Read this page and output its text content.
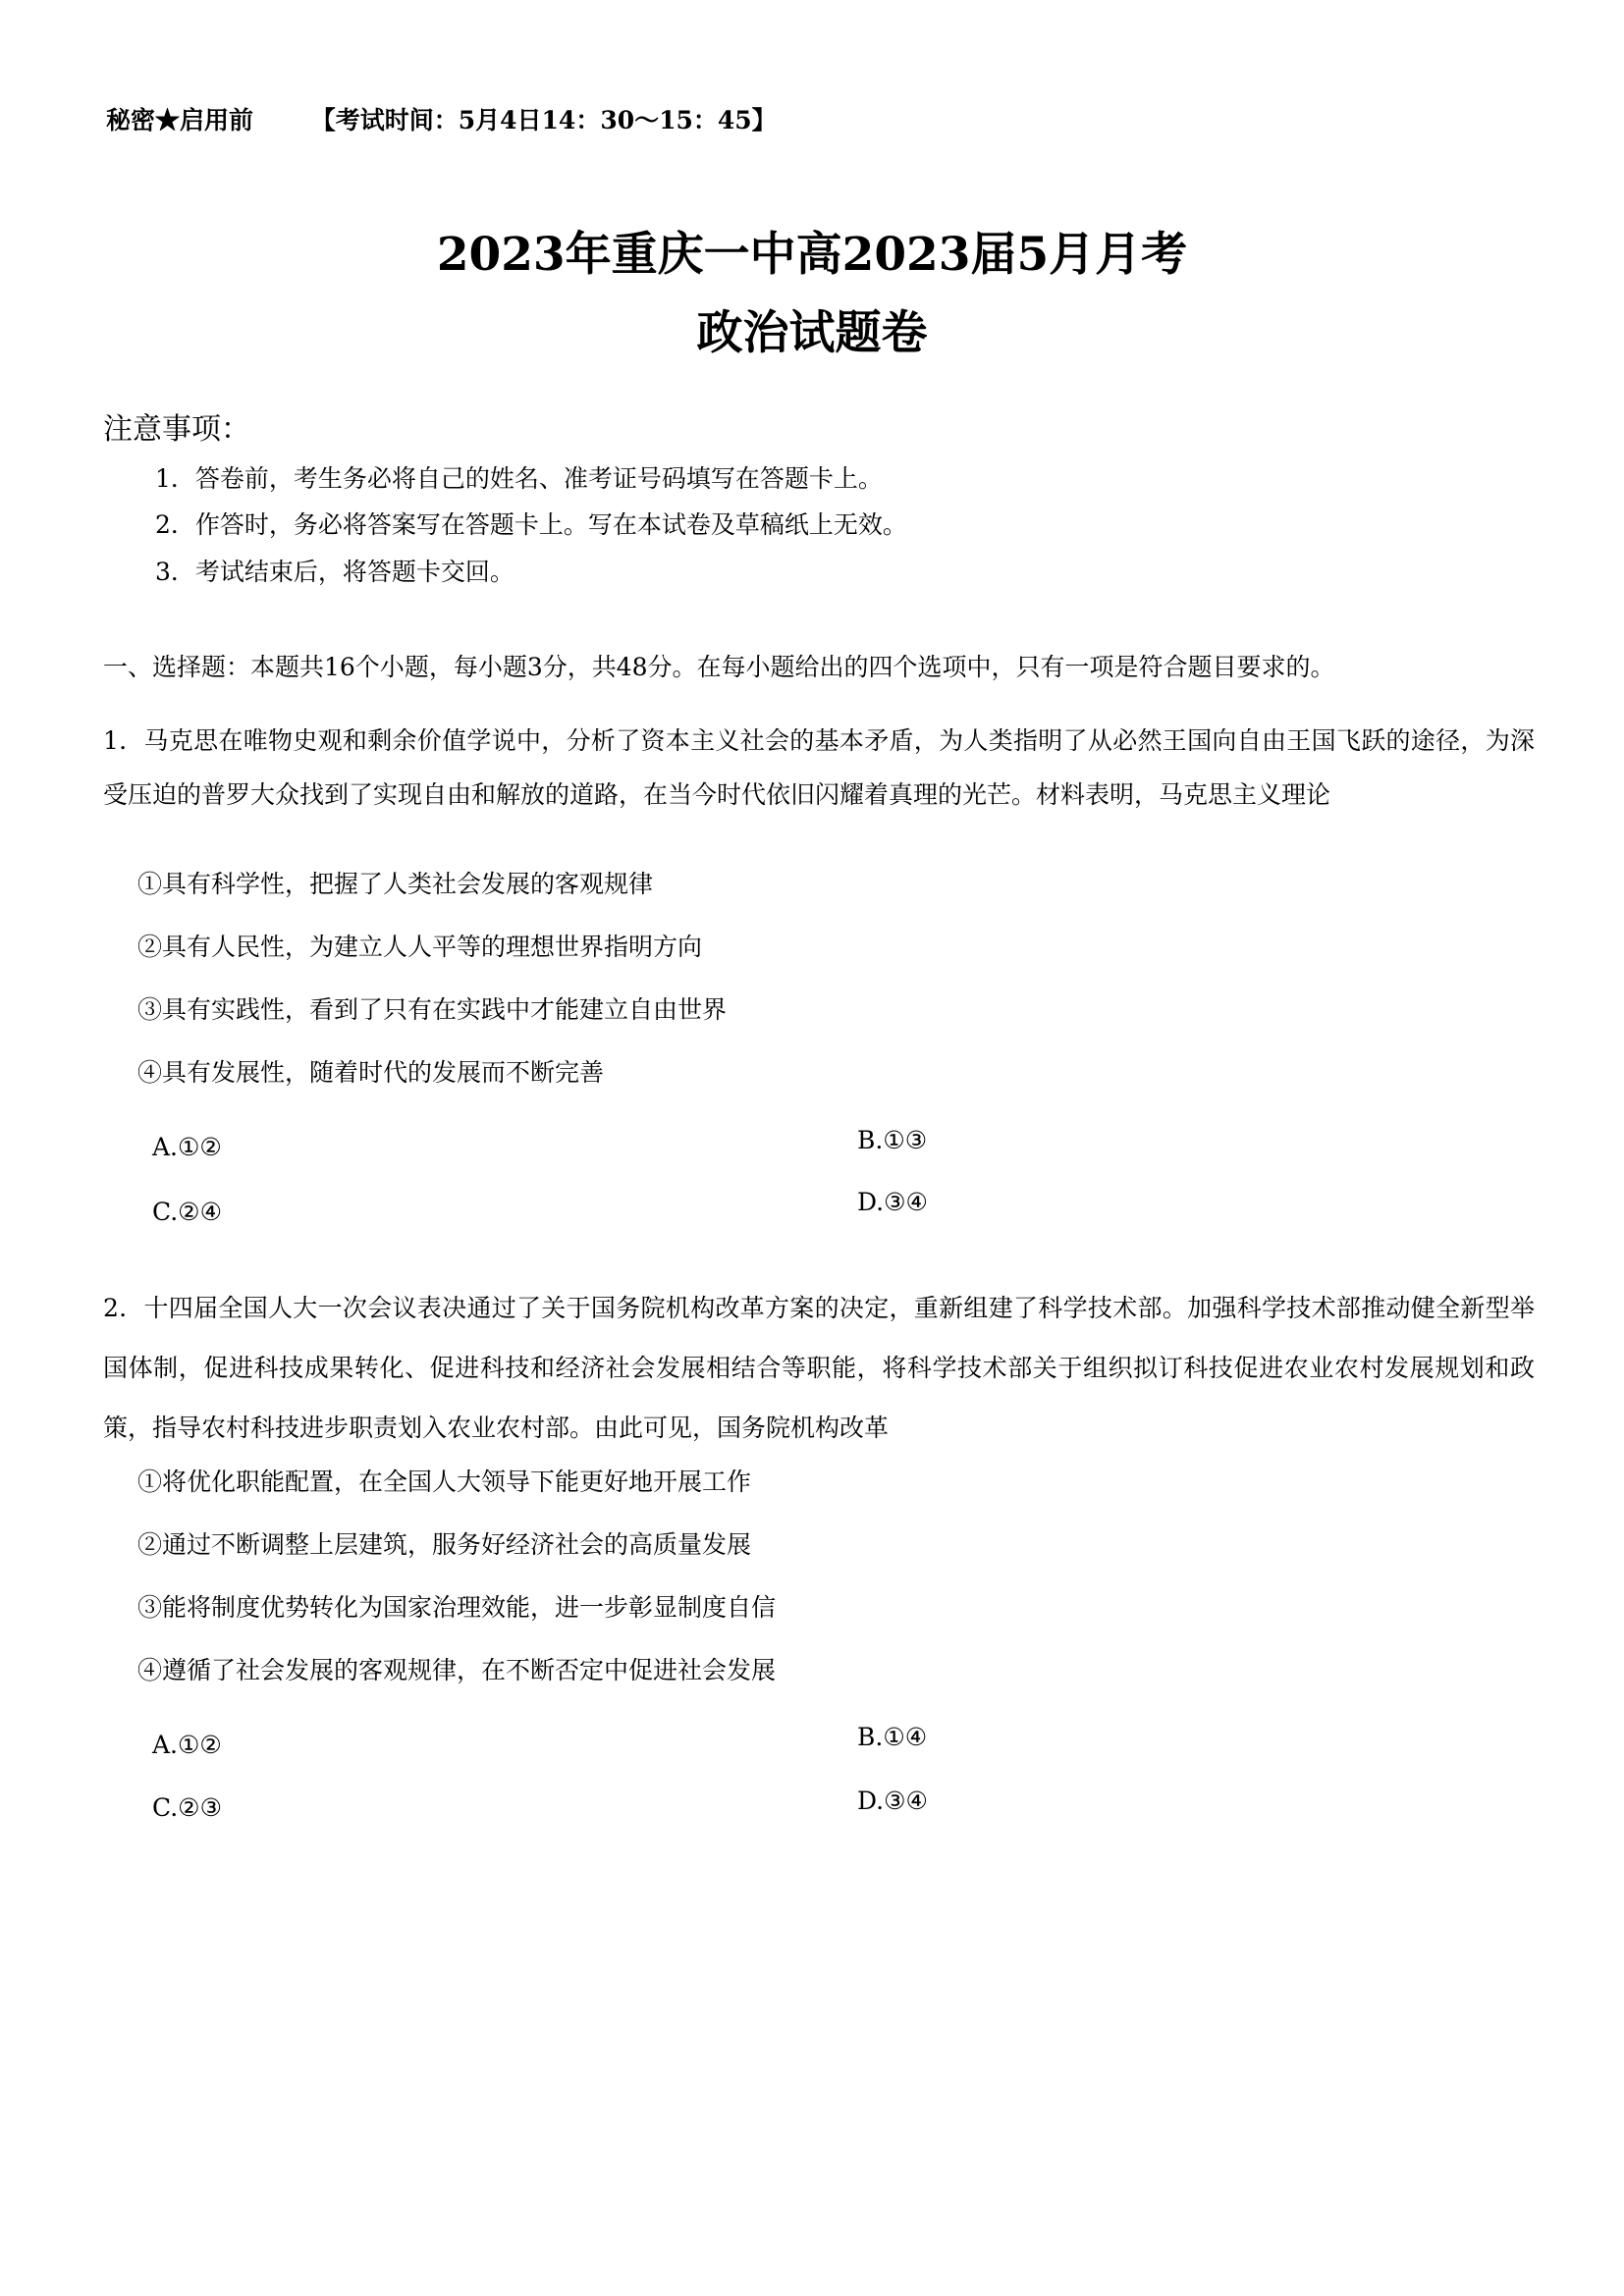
秘密★启用前 【考试时间：5月4日14：30～15：45】
2023年重庆一中高2023届5月月考
政治试题卷
注意事项：
1．答卷前，考生务必将自己的姓名、准考证号码填写在答题卡上。
2．作答时，务必将答案写在答题卡上。写在本试卷及草稿纸上无效。
3．考试结束后，将答题卡交回。
一、选择题：本题共16个小题，每小题3分，共48分。在每小题给出的四个选项中，只有一项是符合题目要求的。
1．马克思在唯物史观和剩余价值学说中，分析了资本主义社会的基本矛盾，为人类指明了从必然王国向自由王国飞跃的途径，为深受压迫的普罗大众找到了实现自由和解放的道路，在当今时代依旧闪耀着真理的光芒。材料表明，马克思主义理论
①具有科学性，把握了人类社会发展的客观规律
②具有人民性，为建立人人平等的理想世界指明方向
③具有实践性，看到了只有在实践中才能建立自由世界
④具有发展性，随着时代的发展而不断完善
A.①②	B.①③
C.②④	D.③④
2．十四届全国人大一次会议表决通过了关于国务院机构改革方案的决定，重新组建了科学技术部。加强科学技术部推动健全新型举国体制，促进科技成果转化、促进科技和经济社会发展相结合等职能，将科学技术部关于组织拟订科技促进农业农村发展规划和政策，指导农村科技进步职责划入农业农村部。由此可见，国务院机构改革
①将优化职能配置，在全国人大领导下能更好地开展工作
②通过不断调整上层建筑，服务好经济社会的高质量发展
③能将制度优势转化为国家治理效能，进一步彰显制度自信
④遵循了社会发展的客观规律，在不断否定中促进社会发展
A.①②	B.①④
C.②③	D.③④
